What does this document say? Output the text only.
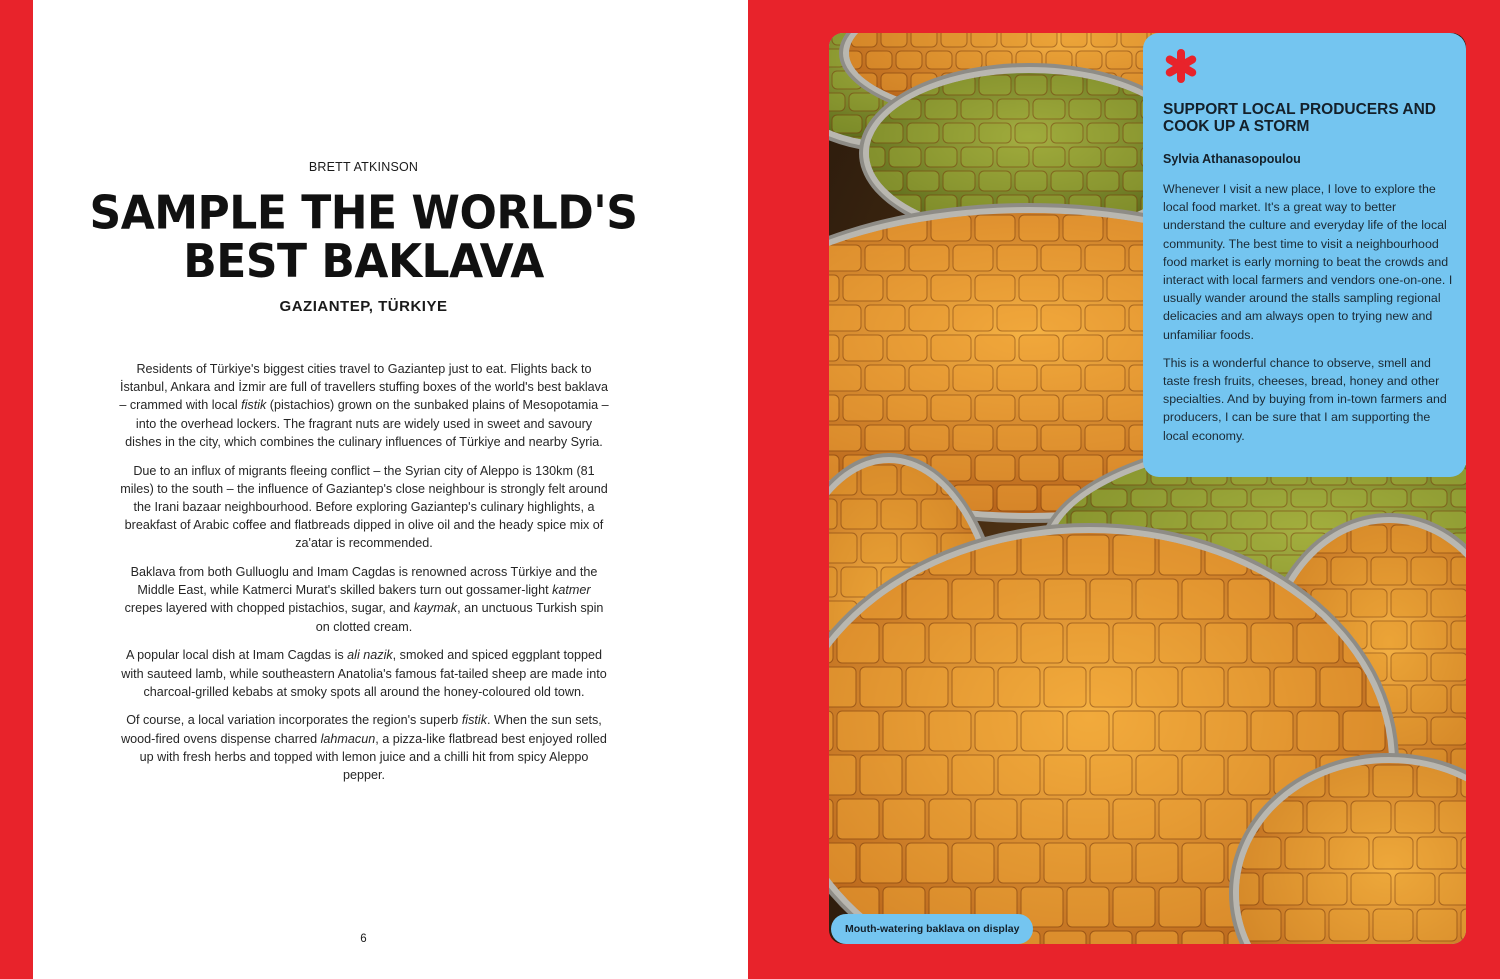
BRETT ATKINSON
SAMPLE THE WORLD'S
BEST BAKLAVA
GAZIANTEP, TÜRKIYE

Residents of Türkiye's biggest cities travel to Gaziantep just to eat. Flights back to İstanbul, Ankara and İzmir are full of travellers stuffing boxes of the world's best baklava – crammed with local fistik (pistachios) grown on the sunbaked plains of Mesopotamia – into the overhead lockers. The fragrant nuts are widely used in sweet and savoury dishes in the city, which combines the culinary influences of Türkiye and nearby Syria.

Due to an influx of migrants fleeing conflict – the Syrian city of Aleppo is 130km (81 miles) to the south – the influence of Gaziantep's close neighbour is strongly felt around the Irani bazaar neighbourhood. Before exploring Gaziantep's culinary highlights, a breakfast of Arabic coffee and flatbreads dipped in olive oil and the heady spice mix of za'atar is recommended.

Baklava from both Gulluoglu and Imam Cagdas is renowned across Türkiye and the Middle East, while Katmerci Murat's skilled bakers turn out gossamer-light katmer crepes layered with chopped pistachios, sugar, and kaymak, an unctuous Turkish spin on clotted cream.

A popular local dish at Imam Cagdas is ali nazik, smoked and spiced eggplant topped with sauteed lamb, while southeastern Anatolia's famous fat-tailed sheep are made into charcoal-grilled kebabs at smoky spots all around the honey-coloured old town.

Of course, a local variation incorporates the region's superb fistik. When the sun sets, wood-fired ovens dispense charred lahmacun, a pizza-like flatbread best enjoyed rolled up with fresh herbs and topped with lemon juice and a chilli hit from spicy Aleppo pepper.

6
SUPPORT LOCAL PRODUCERS AND COOK UP A STORM
Sylvia Athanasopoulou

Whenever I visit a new place, I love to explore the local food market. It's a great way to better understand the culture and everyday life of the local community. The best time to visit a neighbourhood food market is early morning to beat the crowds and interact with local farmers and vendors one-on-one. I usually wander around the stalls sampling regional delicacies and am always open to trying new and unfamiliar foods.

This is a wonderful chance to observe, smell and taste fresh fruits, cheeses, bread, honey and other specialties. And by buying from in-town farmers and producers, I can be sure that I am supporting the local economy.

Mouth-watering baklava on display
